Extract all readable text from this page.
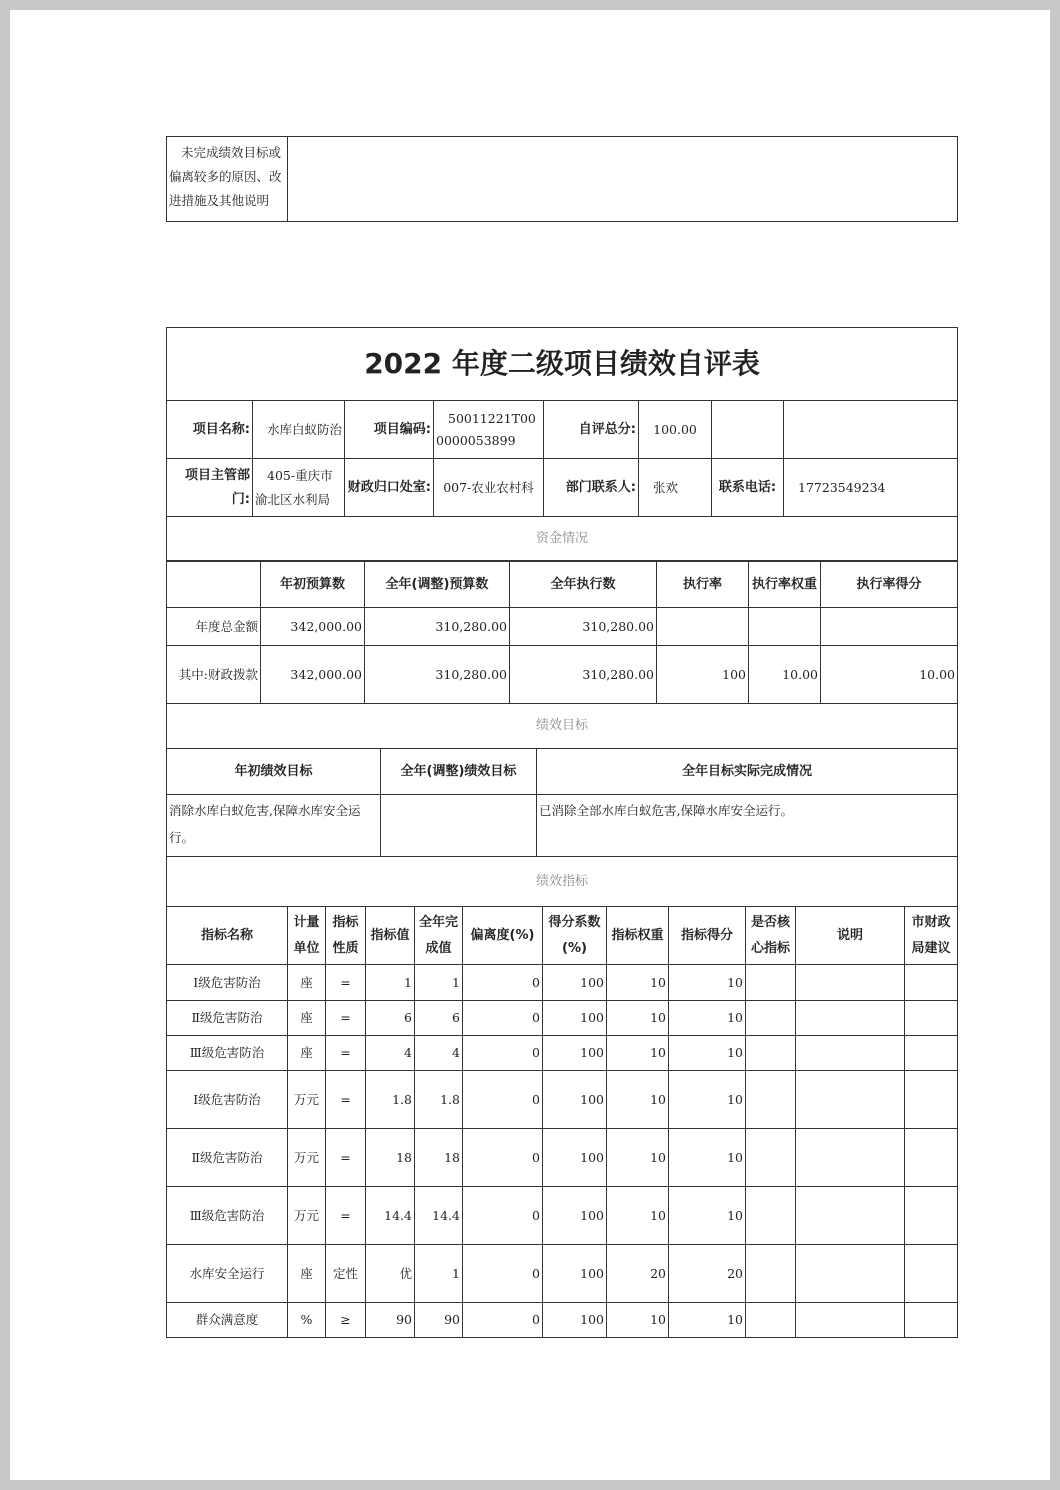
未完成绩效目标或偏离较多的原因、改进措施及其他说明	
2022 年度二级项目绩效自评表							
项目名称:	水库白蚁防治	项目编码:	50011221T000000053899	自评总分:	100.00		
项目主管部门:	405-重庆市渝北区水利局	财政归口处室:	007-农业农村科	部门联系人:	张欢	联系电话:	17723549234
资金情况							
	年初预算数	全年(调整)预算数	全年执行数	执行率	执行率权重	执行率得分
年度总金额	342,000.00	310,280.00	310,280.00			
其中:财政拨款	342,000.00	310,280.00	310,280.00	100	10.00	10.00
绩效目标						
年初绩效目标	全年(调整)绩效目标	全年目标实际完成情况
消除水库白蚁危害,保障水库安全运行。		已消除全部水库白蚁危害,保障水库安全运行。
绩效指标		
指标名称	计量单位	指标性质	指标值	全年完成值	偏离度(%)	得分系数(%)	指标权重	指标得分	是否核心指标	说明	市财政局建议
Ⅰ级危害防治	座	=	1	1	0	100	10	10			
Ⅱ级危害防治	座	=	6	6	0	100	10	10			
Ⅲ级危害防治	座	=	4	4	0	100	10	10			
Ⅰ级危害防治	万元	=	1.8	1.8	0	100	10	10			
Ⅱ级危害防治	万元	=	18	18	0	100	10	10			
Ⅲ级危害防治	万元	=	14.4	14.4	0	100	10	10			
水库安全运行	座	定性	优	1	0	100	20	20			
群众满意度	%	≥	90	90	0	100	10	10			
